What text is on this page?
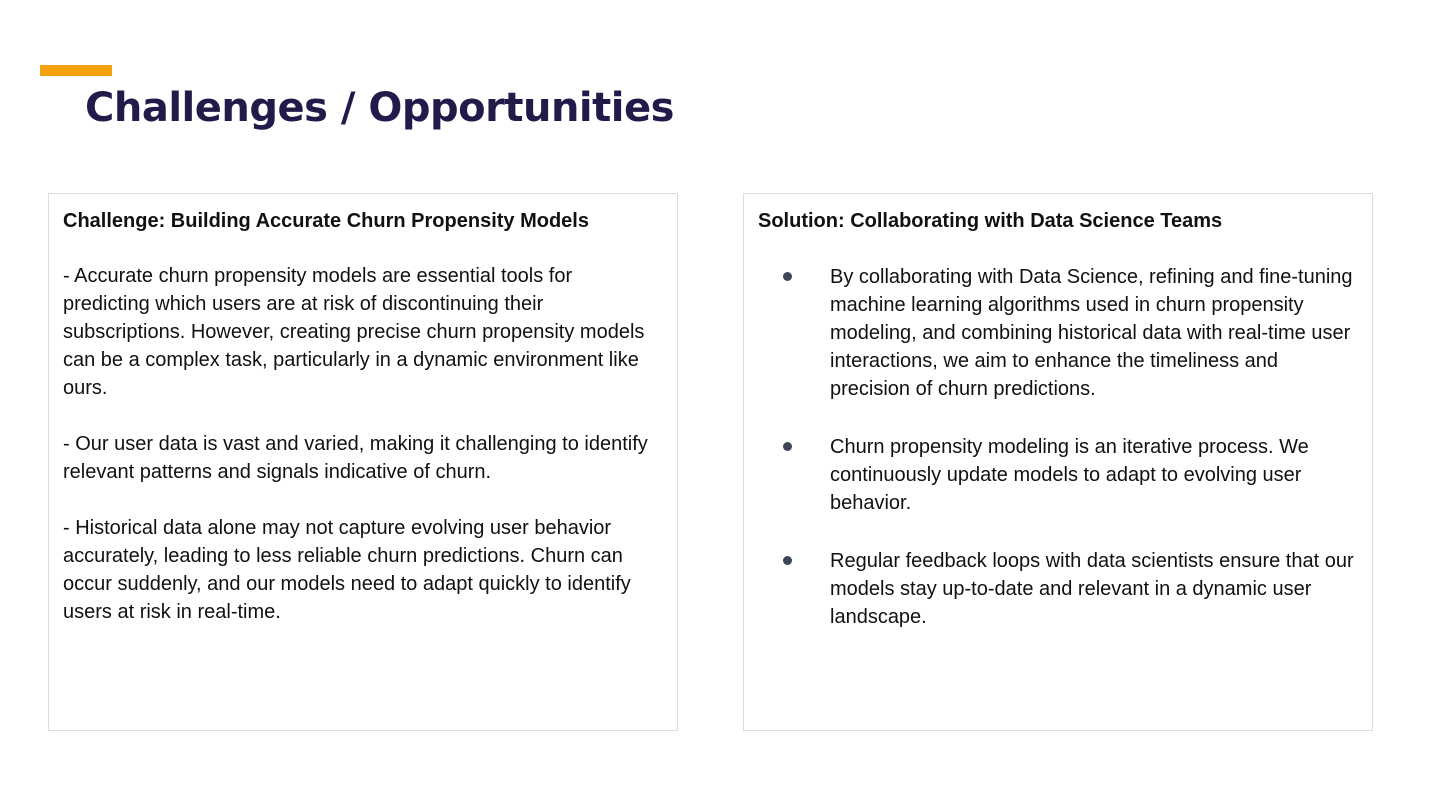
Challenges / Opportunities
Challenge: Building Accurate Churn Propensity Models

- Accurate churn propensity models are essential tools for predicting which users are at risk of discontinuing their subscriptions. However, creating precise churn propensity models can be a complex task, particularly in a dynamic environment like ours.

- Our user data is vast and varied, making it challenging to identify relevant patterns and signals indicative of churn.

- Historical data alone may not capture evolving user behavior accurately, leading to less reliable churn predictions. Churn can occur suddenly, and our models need to adapt quickly to identify users at risk in real-time.

Solution: Collaborating with Data Science Teams

By collaborating with Data Science, refining and fine-tuning machine learning algorithms used in churn propensity modeling, and combining historical data with real-time user interactions, we aim to enhance the timeliness and precision of churn predictions.

Churn propensity modeling is an iterative process. We continuously update models to adapt to evolving user behavior.

Regular feedback loops with data scientists ensure that our models stay up-to-date and relevant in a dynamic user landscape.
